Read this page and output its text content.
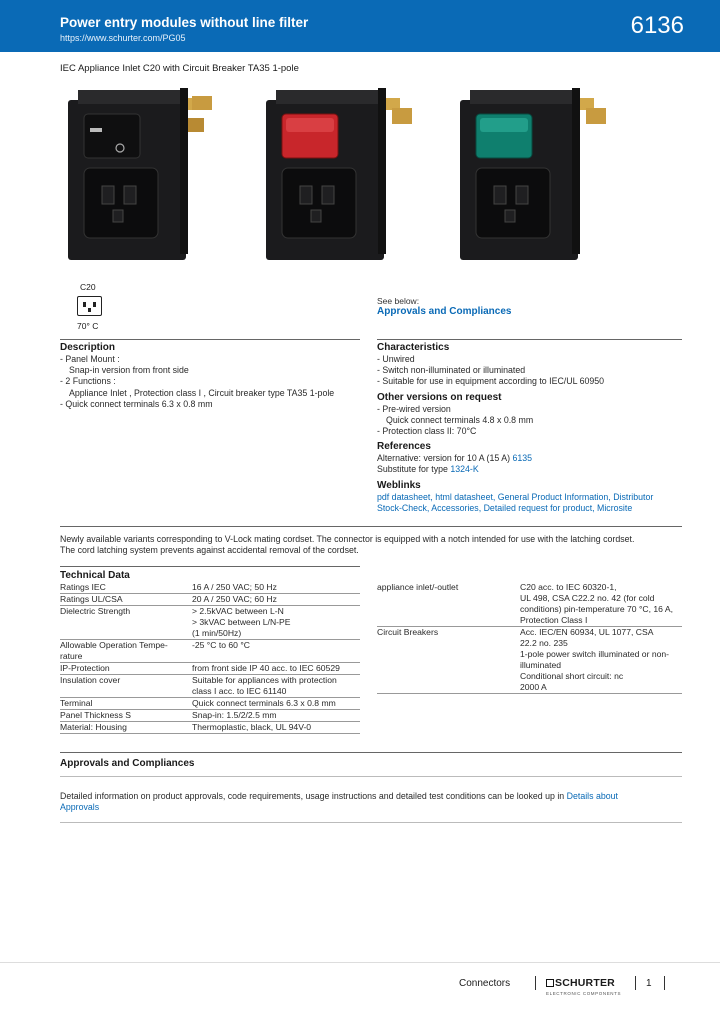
Power entry modules without line filter
https://www.schurter.com/PG05	6136
IEC Appliance Inlet C20 with Circuit Breaker TA35 1-pole
C20
70° C
See below:
Approvals and Compliances
Description
- Panel Mount :
Snap-in version from front side
- 2 Functions :
Appliance Inlet , Protection class I , Circuit breaker type TA35 1-pole
- Quick connect terminals 6.3 x 0.8 mm
Characteristics
- Unwired
- Switch non-illuminated or illuminated
- Suitable for use in equipment according to IEC/UL 60950
Other versions on request
- Pre-wired version
Quick connect terminals 4.8 x 0.8 mm
- Protection class II: 70°C
References
Alternative: version for 10 A (15 A) 6135
Substitute for type 1324-K
Weblinks
pdf datasheet, html datasheet, General Product Information, Distributor
Stock-Check, Accessories, Detailed request for product, Microsite
Newly available variants corresponding to V-Lock mating cordset. The connector is equipped with a notch intended for use with the latching cordset.
The cord latching system prevents against accidental removal of the cordset.
Technical Data
Ratings IEC	16 A / 250 VAC; 50 Hz
Ratings UL/CSA	20 A / 250 VAC; 60 Hz
Dielectric Strength	> 2.5kVAC between L-N
> 3kVAC between L/N-PE
(1 min/50Hz)
Allowable Operation Tempe-
rature
-25 °C to 60 °C

IP-Protection	from front side IP 40 acc. to IEC 60529
Insulation cover	Suitable for appliances with protection
class I acc. to IEC 61140
Terminal	Quick connect terminals 6.3 x 0.8 mm
Panel Thickness S	Snap-in: 1.5/2/2.5 mm
Material: Housing	Thermoplastic, black, UL 94V-0
appliance inlet/-outlet	C20 acc. to IEC 60320-1,
UL 498, CSA C22.2 no. 42 (for cold
conditions) pin-temperature 70 °C, 16 A,
Protection Class I
Circuit Breakers	Acc. IEC/EN 60934, UL 1077, CSA
22.2 no. 235
1-pole power switch illuminated or non-
illuminated
Conditional short circuit: nc
2000 A
Approvals and Compliances
Detailed information on product approvals, code requirements, usage instructions and detailed test conditions can be looked up in Details about
Approvals
Connectors	SCHURTER
ELECTRONIC COMPONENTS
1
